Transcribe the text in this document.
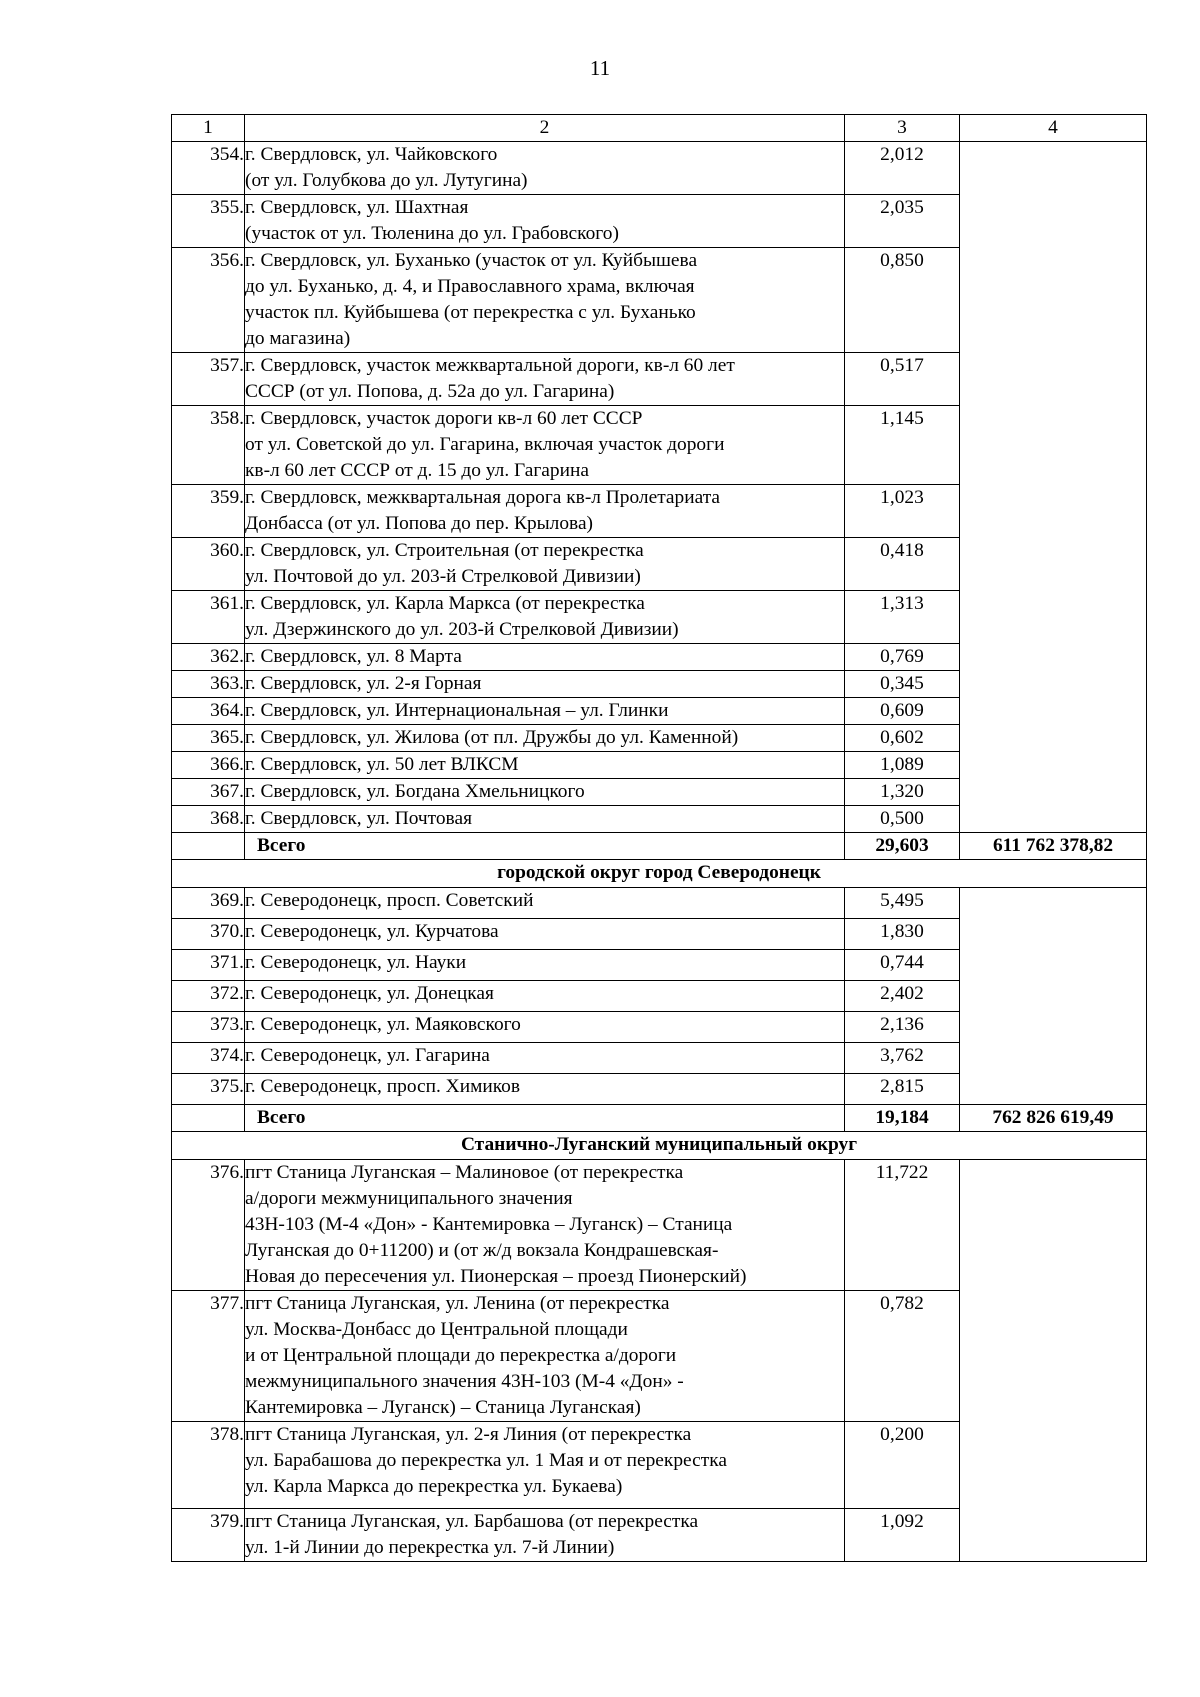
11
1	2	3	4
354.	г. Свердловск, ул. Чайковского
(от ул. Голубкова до ул. Лутугина)	2,012	
355.	г. Свердловск, ул. Шахтная
(участок от ул. Тюленина до ул. Грабовского)	2,035	
356.	г. Свердловск, ул. Буханько (участок от ул. Куйбышева
до ул. Буханько, д. 4, и Православного храма, включая
участок пл. Куйбышева (от перекрестка с ул. Буханько
до магазина)	0,850	
357.	г. Свердловск, участок межквартальной дороги, кв-л 60 лет
СССР (от ул. Попова, д. 52а до ул. Гагарина)	0,517	
358.	г. Свердловск, участок дороги кв-л 60 лет СССР
от ул. Советской до ул. Гагарина, включая участок дороги
кв-л 60 лет СССР от д. 15 до ул. Гагарина	1,145	
359.	г. Свердловск, межквартальная дорога кв-л Пролетариата
Донбасса (от ул. Попова до пер. Крылова)	1,023	
360.	г. Свердловск, ул. Строительная (от перекрестка
ул. Почтовой до ул. 203-й Стрелковой Дивизии)	0,418	
361.	г. Свердловск, ул. Карла Маркса (от перекрестка
ул. Дзержинского до ул. 203-й Стрелковой Дивизии)	1,313	
362.	г. Свердловск, ул. 8 Марта	0,769	
363.	г. Свердловск, ул. 2-я Горная	0,345	
364.	г. Свердловск, ул. Интернациональная – ул. Глинки	0,609	
365.	г. Свердловск, ул. Жилова (от пл. Дружбы до ул. Каменной)	0,602	
366.	г. Свердловск, ул. 50 лет ВЛКСМ	1,089	
367.	г. Свердловск, ул. Богдана Хмельницкого	1,320	
368.	г. Свердловск, ул. Почтовая	0,500	
	Всего	29,603	611 762 378,82
городской округ город Северодонецк			
369.	г. Северодонецк, просп. Советский	5,495	
370.	г. Северодонецк, ул. Курчатова	1,830	
371.	г. Северодонецк, ул. Науки	0,744	
372.	г. Северодонецк, ул. Донецкая	2,402	
373.	г. Северодонецк, ул. Маяковского	2,136	
374.	г. Северодонецк, ул. Гагарина	3,762	
375.	г. Северодонецк, просп. Химиков	2,815	
	Всего	19,184	762 826 619,49
Станично-Луганский муниципальный округ			
376.	пгт Станица Луганская – Малиновое (от перекрестка
а/дороги межмуниципального значения
43Н-103 (М-4 «Дон» - Кантемировка – Луганск) – Станица
Луганская до 0+11200) и (от ж/д вокзала Кондрашевская-
Новая до пересечения ул. Пионерская – проезд Пионерский)	11,722	
377.	пгт Станица Луганская, ул. Ленина (от перекрестка
ул. Москва-Донбасс до Центральной площади
и от Центральной площади до перекрестка а/дороги
межмуниципального значения 43Н-103 (М-4 «Дон» -
Кантемировка – Луганск) – Станица Луганская)	0,782	
378.	пгт Станица Луганская, ул. 2-я Линия (от перекрестка
ул. Барабашова до перекрестка ул. 1 Мая и от перекрестка
ул. Карла Маркса до перекрестка ул. Букаева)	0,200	
379.	пгт Станица Луганская, ул. Барбашова (от перекрестка
ул. 1-й Линии до перекрестка ул. 7-й Линии)	1,092	
